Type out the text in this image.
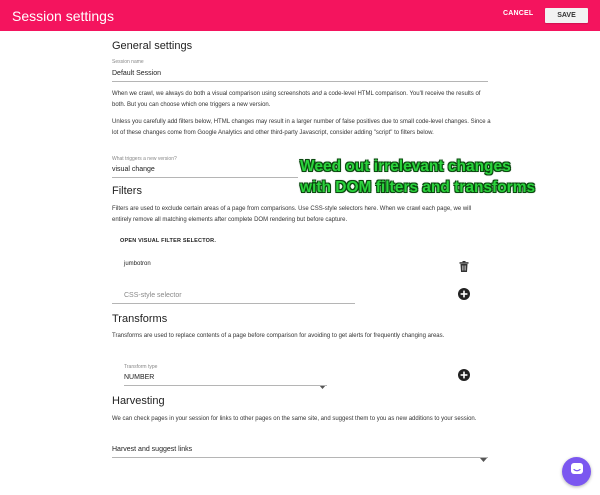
Session settings	CANCEL	SAVE
General settings
Session name
Default Session
When we crawl, we always do both a visual comparison using screenshots and a code-level HTML comparison. You'll receive the results of both. But you can choose which one triggers a new version.
Unless you carefully add filters below, HTML changes may result in a larger number of false positives due to small code-level changes. Since a lot of these changes come from Google Analytics and other third-party Javascript, consider adding "script" to filters below.
What triggers a new version?
visual change	Weed out irrelevant changes
with DOM filters and transforms
Filters
Filters are used to exclude certain areas of a page from comparisons. Use CSS-style selectors here. When we crawl each page, we will entirely remove all matching elements after complete DOM rendering but before capture.
OPEN VISUAL FILTER SELECTOR.
jumbotron
CSS-style selector
Transforms
Transforms are used to replace contents of a page before comparison for avoiding to get alerts for frequently changing areas.
Transform type
NUMBER
Harvesting
We can check pages in your session for links to other pages on the same site, and suggest them to you as new additions to your session.
Harvest and suggest links
